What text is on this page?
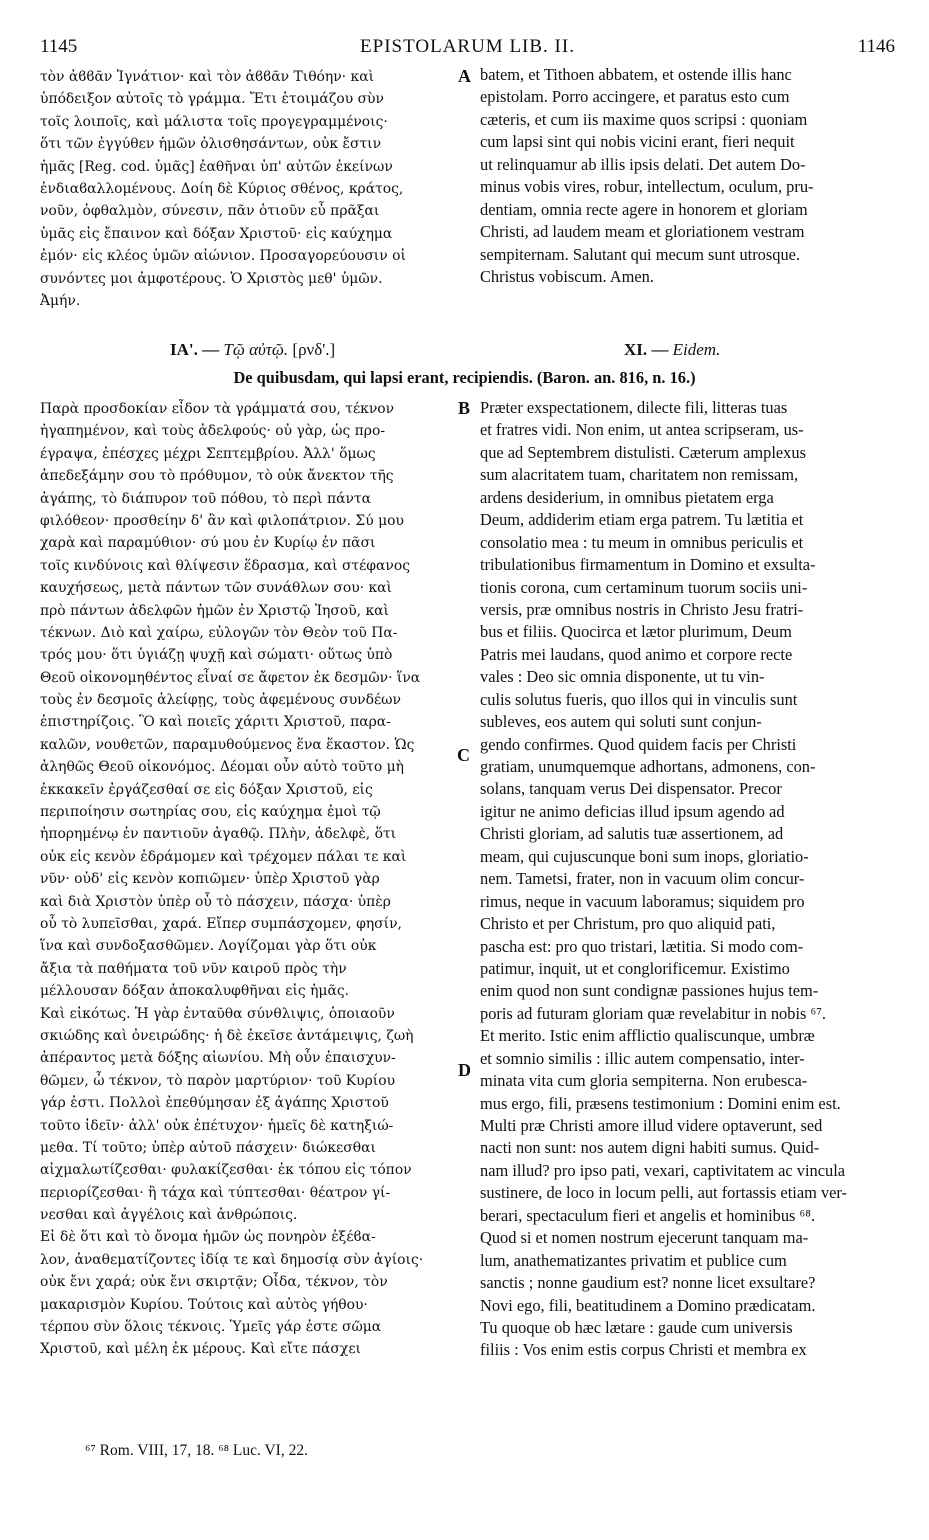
1145	EPISTOLARUM LIB. II.	1146
τὸν ἀϐϐᾶν Ἰγνάτιον· καὶ τὸν ἀϐϐᾶν Τιθόην· καὶ
ὑπόδειξον αὐτοῖς τὸ γράμμα. Ἔτι ἑτοιμάζου σὺν
τοῖς λοιποῖς, καὶ μάλιστα τοῖς προγεγραμμένοις·
ὅτι τῶν ἐγγύθεν ἡμῶν ὀλισθησάντων, οὐκ ἔστιν
ἡμᾶς [Reg. cod. ὑμᾶς] ἐαθῆναι ὑπ' αὐτῶν ἐκείνων
ἐνδιαϐαλλομένους. Δοίη δὲ Κύριος σθένος, κράτος,
νοῦν, ὀφθαλμὸν, σύνεσιν, πᾶν ὁτιοῦν εὖ πρᾶξαι
ὑμᾶς εἰς ἔπαινον καὶ δόξαν Χριστοῦ· εἰς καύχημα
ἐμόν· εἰς κλέος ὑμῶν αἰώνιον. Προσαγορεύουσιν οἱ
συνόντες μοι ἀμφοτέρους. Ὁ Χριστὸς μεθ' ὑμῶν.
Ἀμήν.
A batem, et Tithoen abbatem, et ostende illis hanc
epistolam. Porro accingere, et paratus esto cum
cæteris, et cum iis maxime quos scripsi : quoniam
cum lapsi sint qui nobis vicini erant, fieri nequit
ut relinquamur ab illis ipsis delati. Det autem Do-
minus vobis vires, robur, intellectum, oculum, pru-
dentiam, omnia recte agere in honorem et gloriam
Christi, ad laudem meam et gloriationem vestram
sempiternam. Salutant qui mecum sunt utrosque.
Christus vobiscum. Amen.
ΙΑ'. — Τῷ αὐτῷ. [ρνδ'.]	XI. — Eidem.
De quibusdam, qui lapsi erant, recipiendis. (Baron. an. 816, n. 16.)
Παρὰ προσδοκίαν εἶδον τὰ γράμματά σου, τέκνον
ἠγαπημένον, καὶ τοὺς ἀδελφούς· οὐ γὰρ, ὡς προ-
έγραψα, ἐπέσχες μέχρι Σεπτεμβρίου. Ἀλλ' ὅμως
ἀπεδεξάμην σου τὸ πρόθυμον, τὸ οὐκ ἄνεκτον τῆς
ἀγάπης, τὸ διάπυρον τοῦ πόθου, τὸ περὶ πάντα
φιλόθεον· προσθείην δ' ἂν καὶ φιλοπάτριον. Σύ μου
χαρὰ καὶ παραμύθιον· σύ μου ἐν Κυρίῳ ἐν πᾶσι
τοῖς κινδύνοις καὶ θλίψεσιν ἕδρασμα, καὶ στέφανος
καυχήσεως, μετὰ πάντων τῶν συνάθλων σου· καὶ
πρὸ πάντων ἀδελφῶν ἡμῶν ἐν Χριστῷ Ἰησοῦ, καὶ
τέκνων. Διὸ καὶ χαίρω, εὐλογῶν τὸν Θεὸν τοῦ Πα-
τρός μου· ὅτι ὑγιάζῃ ψυχῇ καὶ σώματι· οὕτως ὑπὸ
Θεοῦ οἰκονομηθέντος εἶναί σε ἄφετον ἐκ δεσμῶν· ἵνα
τοὺς ἐν δεσμοῖς ἀλείφῃς, τοὺς ἀφεμένους συνδέων
ἐπιστηρίζοις. Ὃ καὶ ποιεῖς χάριτι Χριστοῦ, παρα-
καλῶν, νουθετῶν, παραμυθούμενος ἕνα ἕκαστον. Ὡς
ἀληθῶς Θεοῦ οἰκονόμος. Δέομαι οὖν αὐτὸ τοῦτο μὴ
ἐκκακεῖν ἐργάζεσθαί σε εἰς δόξαν Χριστοῦ, εἰς
περιποίησιν σωτηρίας σου, εἰς καύχημα ἐμοὶ τῷ
ἠπορημένῳ ἐν παντιοῦν ἀγαθῷ. Πλὴν, ἀδελφὲ, ὅτι
οὐκ εἰς κενὸν ἐδράμομεν καὶ τρέχομεν πάλαι τε καὶ
νῦν· οὐδ' εἰς κενὸν κοπιῶμεν· ὑπὲρ Χριστοῦ γὰρ
καὶ διὰ Χριστὸν ὑπὲρ οὗ τὸ πάσχειν, πάσχα· ὑπὲρ
οὗ τὸ λυπεῖσθαι, χαρά. Εἴπερ συμπάσχομεν, φησίν,
ἵνα καὶ συνδοξασθῶμεν. Λογίζομαι γὰρ ὅτι οὐκ
ἄξια τὰ παθήματα τοῦ νῦν καιροῦ πρὸς τὴν
μέλλουσαν δόξαν ἀποκαλυφθῆναι εἰς ἡμᾶς.
Καὶ εἰκότως. Ἡ γὰρ ἐνταῦθα σύνθλιψις, ὁποιαοῦν
σκιώδης καὶ ὀνειρώδης· ἡ δὲ ἐκεῖσε ἀντάμειψις, ζωὴ
ἀπέραντος μετὰ δόξης αἰωνίου. Μὴ οὖν ἐπαισχυν-
θῶμεν, ὦ τέκνον, τὸ παρὸν μαρτύριον· τοῦ Κυρίου
γάρ ἐστι. Πολλοὶ ἐπεθύμησαν ἐξ ἀγάπης Χριστοῦ
τοῦτο ἰδεῖν· ἀλλ' οὐκ ἐπέτυχον· ἡμεῖς δὲ κατηξιώ-
μεθα. Τί τοῦτο; ὑπὲρ αὐτοῦ πάσχειν· διώκεσθαι
αἰχμαλωτίζεσθαι· φυλακίζεσθαι· ἐκ τόπου εἰς τόπον
περιορίζεσθαι· ἢ τάχα καὶ τύπτεσθαι· θέατρον γί-
νεσθαι καὶ ἀγγέλοις καὶ ἀνθρώποις.
Εἰ δὲ ὅτι καὶ τὸ ὄνομα ἡμῶν ὡς πονηρὸν ἐξέϐα-
λον, ἀναθεματίζοντες ἰδίᾳ τε καὶ δημοσίᾳ σὺν ἁγίοις·
οὐκ ἔνι χαρά; οὐκ ἔνι σκιρτᾷν; Οἶδα, τέκνον, τὸν
μακαρισμὸν Κυρίου. Τούτοις καὶ αὐτὸς γήθου·
τέρπου σὺν ὅλοις τέκνοις. Ὑμεῖς γάρ ἐστε σῶμα
Χριστοῦ, καὶ μέλη ἐκ μέρους. Καὶ εἴτε πάσχει
B
C
D
Præter exspectationem, dilecte fili, litteras tuas
et fratres vidi. Non enim, ut antea scripseram, us-
que ad Septembrem distulisti. Cæterum amplexus
sum alacritatem tuam, charitatem non remissam,
ardens desiderium, in omnibus pietatem erga
Deum, addiderim etiam erga patrem. Tu lætitia et
consolatio mea : tu meum in omnibus periculis et
tribulationibus firmamentum in Domino et exsulta-
tionis corona, cum certaminum tuorum sociis uni-
versis, præ omnibus nostris in Christo Jesu fratri-
bus et filiis. Quocirca et lætor plurimum, Deum
Patris mei laudans, quod animo et corpore recte
vales : Deo sic omnia disponente, ut tu vin-
culis solutus fueris, quo illos qui in vinculis sunt
subleves, eos autem qui soluti sunt conjun-
gendo confirmes. Quod quidem facis per Christi
gratiam, unumquemque adhortans, admonens, con-
solans, tanquam verus Dei dispensator. Precor
igitur ne animo deficias illud ipsum agendo ad
Christi gloriam, ad salutis tuæ assertionem, ad
meam, qui cujuscunque boni sum inops, gloriatio-
nem. Tametsi, frater, non in vacuum olim concur-
rimus, neque in vacuum laboramus; siquidem pro
Christo et per Christum, pro quo aliquid pati,
pascha est: pro quo tristari, lætitia. Si modo com-
patimur, inquit, ut et conglorificemur. Existimo
enim quod non sunt condignæ passiones hujus tem-
poris ad futuram gloriam quæ revelabitur in nobis ⁶⁷.
Et merito. Istic enim afflictio qualiscunque, umbræ
et somnio similis : illic autem compensatio, inter-
minata vita cum gloria sempiterna. Non erubesca-
mus ergo, fili, præsens testimonium : Domini enim est.
Multi præ Christi amore illud videre optaverunt, sed
nacti non sunt: nos autem digni habiti sumus. Quid-
nam illud? pro ipso pati, vexari, captivitatem ac vincula
sustinere, de loco in locum pelli, aut fortassis etiam ver-
berari, spectaculum fieri et angelis et hominibus ⁶⁸.
Quod si et nomen nostrum ejecerunt tanquam ma-
lum, anathematizantes privatim et publice cum
sanctis ; nonne gaudium est? nonne licet exsultare?
Novi ego, fili, beatitudinem a Domino prædicatam.
Tu quoque ob hæc lætare : gaude cum universis
filiis : Vos enim estis corpus Christi et membra ex
⁶⁷ Rom. VIII, 17, 18. ⁶⁸ Luc. VI, 22.
